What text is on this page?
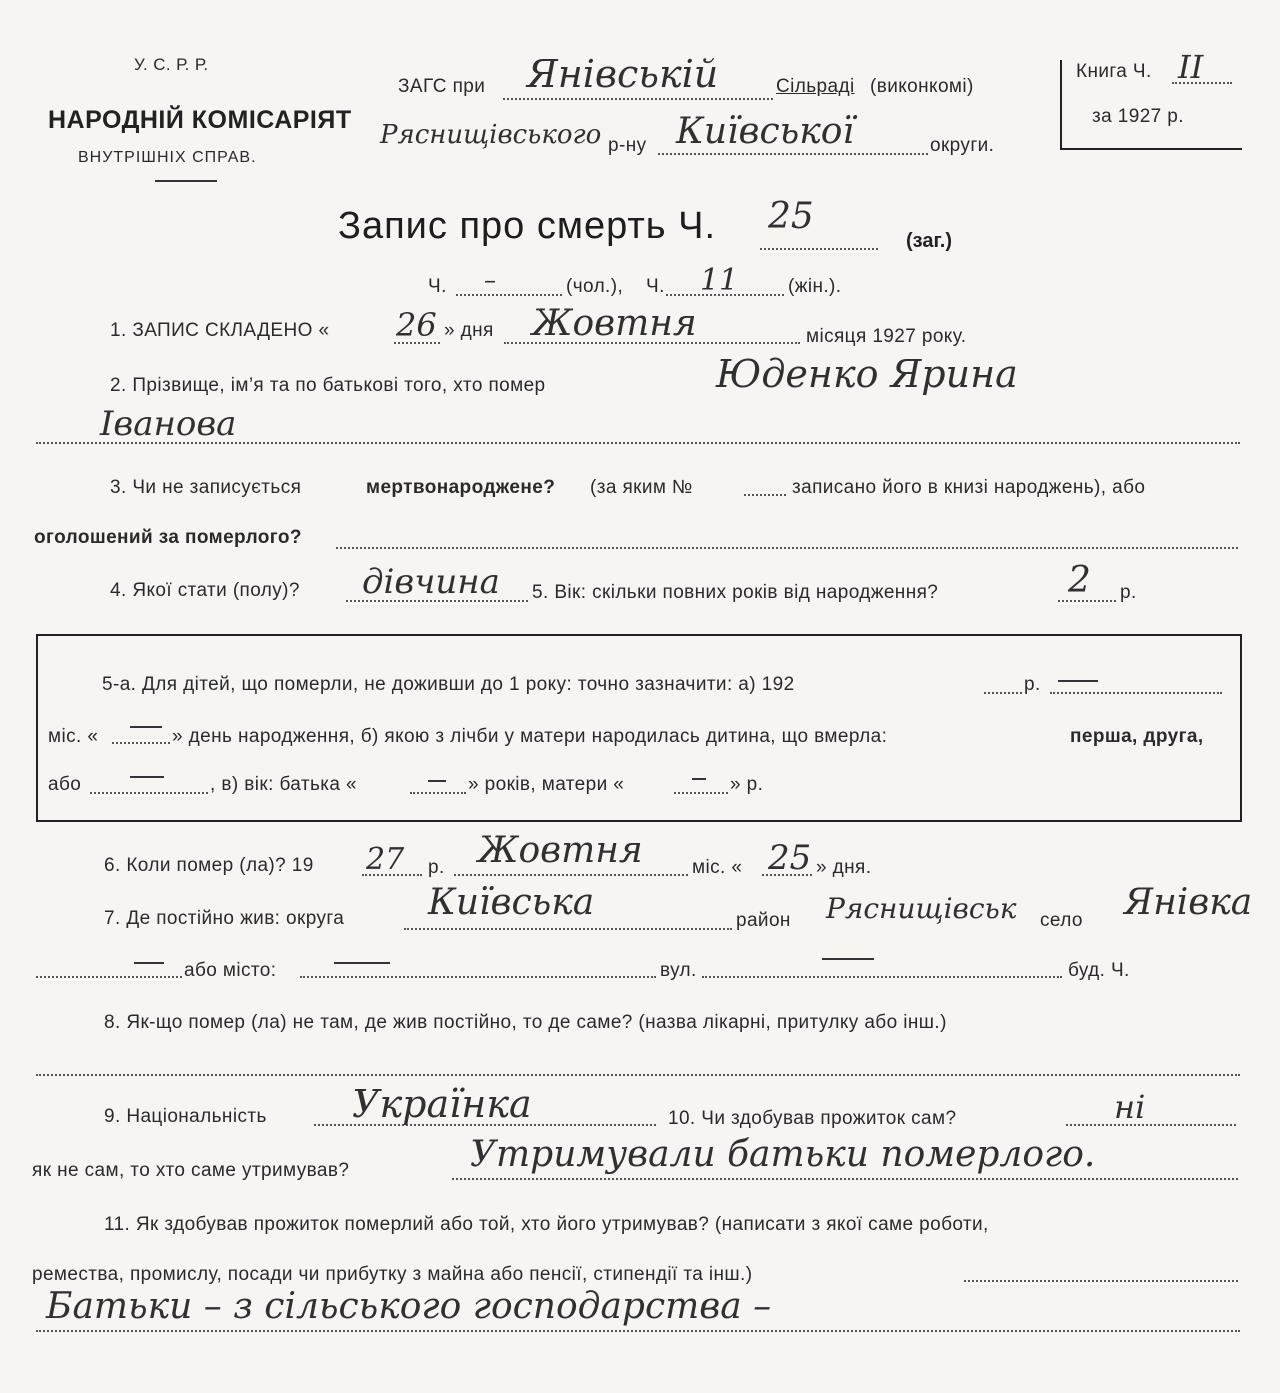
У. С. Р. Р.
НАРОДНІЙ КОМІСАРІЯТ
ВНУТРІШНІХ СПРАВ.
ЗАГС при Янівській	Сільраді (виконкомі)
Ряснищівського р-ну Київської	округи.
Книга Ч. II
за 1927 р.
Запис про смерть Ч. 25
(заг.)
Ч. –	(чол.), Ч. 11	(жін.).
1. ЗАПИС СКЛАДЕНО « 26 » дня Жовтня	місяця 1927 року.
2. Прізвище, ім’я та по батькові того, хто помер	Юденко Ярина
Іванова
3. Чи не записується	мертвонароджене? (за яким №	записано його в книзі народжень), або
оголошений за померлого?
4. Якої стати (полу)? дівчина 5. Вік: скільки повних років від народження?	2 р.
5-а. Для дітей, що померли, не доживши до 1 року: точно зазначити: а) 192	р.
міс. «	» день народження, б) якою з лічби у матери народилась дитина, що вмерла:	перша, друга,
або	, в) вік: батька «	» років, матери «	» р.
6. Коли помер (ла)? 19 27 р. Жовтня	міс. « 25 » дня.
7. Де постійно жив: округа Київська	район Ряснищівськ село Янівка
або місто:	вул.	буд. Ч.
8. Як-що помер (ла) не там, де жив постійно, то де саме? (назва лікарні, притулку або інш.)
9. Національність Українка	10. Чи здобував прожиток сам?	ні
як не сам, то хто саме утримував?	Утримували батьки померлого.
11. Як здобував прожиток померлий або той, хто його утримував? (написати з якої саме роботи,
ремества, промислу, посади чи прибутку з майна або пенсії, стипендії та інш.)
Батьки – з сільського господарства –
